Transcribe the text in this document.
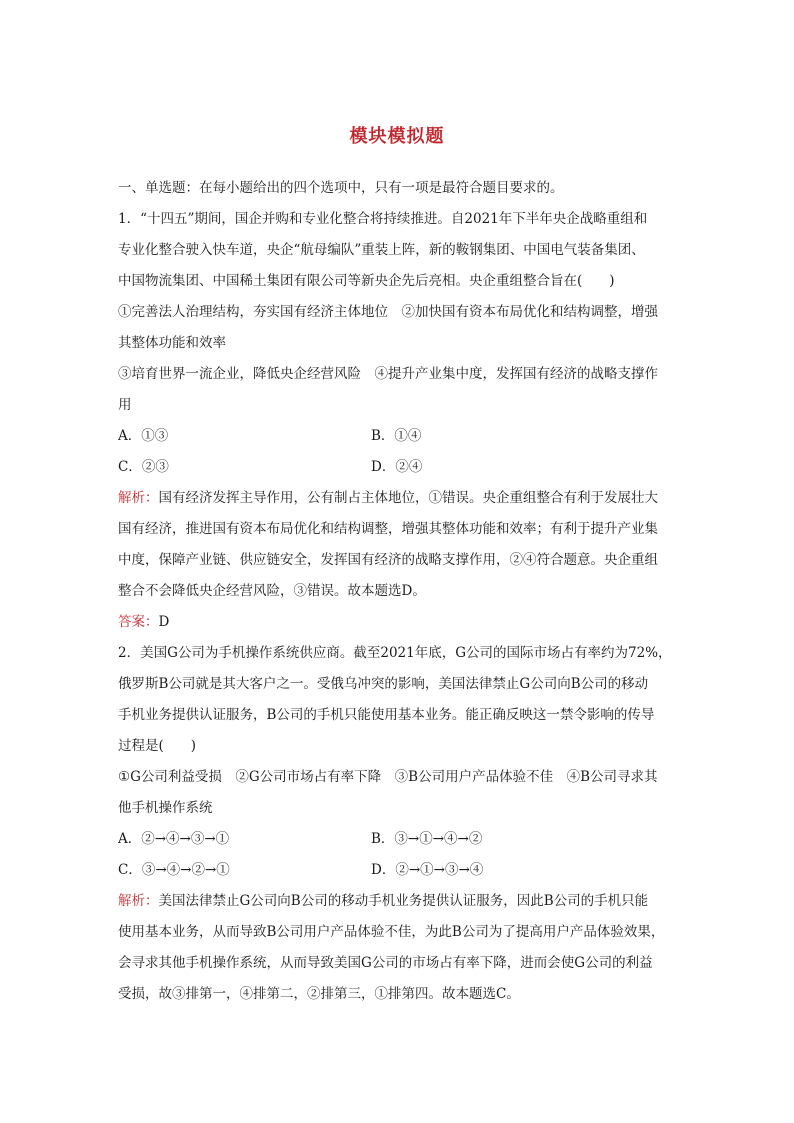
模块模拟题
一、单选题：在每小题给出的四个选项中，只有一项是最符合题目要求的。
1．“十四五”期间，国企并购和专业化整合将持续推进。自2021年下半年央企战略重组和
专业化整合驶入快车道，央企“航母编队”重装上阵，新的鞍钢集团、中国电气装备集团、
中国物流集团、中国稀土集团有限公司等新央企先后亮相。央企重组整合旨在(　　)
①完善法人治理结构，夯实国有经济主体地位　②加快国有资本布局优化和结构调整，增强
其整体功能和效率
③培育世界一流企业，降低央企经营风险　④提升产业集中度，发挥国有经济的战略支撑作
用
A．①③	B．①④
C．②③	D．②④
解析：国有经济发挥主导作用，公有制占主体地位，①错误。央企重组整合有利于发展壮大
国有经济，推进国有资本布局优化和结构调整，增强其整体功能和效率；有利于提升产业集
中度，保障产业链、供应链安全，发挥国有经济的战略支撑作用，②④符合题意。央企重组
整合不会降低央企经营风险，③错误。故本题选D。
答案：D
2．美国G公司为手机操作系统供应商。截至2021年底，G公司的国际市场占有率约为72%，
俄罗斯B公司就是其大客户之一。受俄乌冲突的影响，美国法律禁止G公司向B公司的移动
手机业务提供认证服务，B公司的手机只能使用基本业务。能正确反映这一禁令影响的传导
过程是(　　)
①G公司利益受损　②G公司市场占有率下降　③B公司用户产品体验不佳　④B公司寻求其
他手机操作系统
A．②→④→③→①	B．③→①→④→②
C．③→④→②→①	D．②→①→③→④
解析：美国法律禁止G公司向B公司的移动手机业务提供认证服务，因此B公司的手机只能
使用基本业务，从而导致B公司用户产品体验不佳，为此B公司为了提高用户产品体验效果，
会寻求其他手机操作系统，从而导致美国G公司的市场占有率下降，进而会使G公司的利益
受损，故③排第一，④排第二，②排第三，①排第四。故本题选C。
